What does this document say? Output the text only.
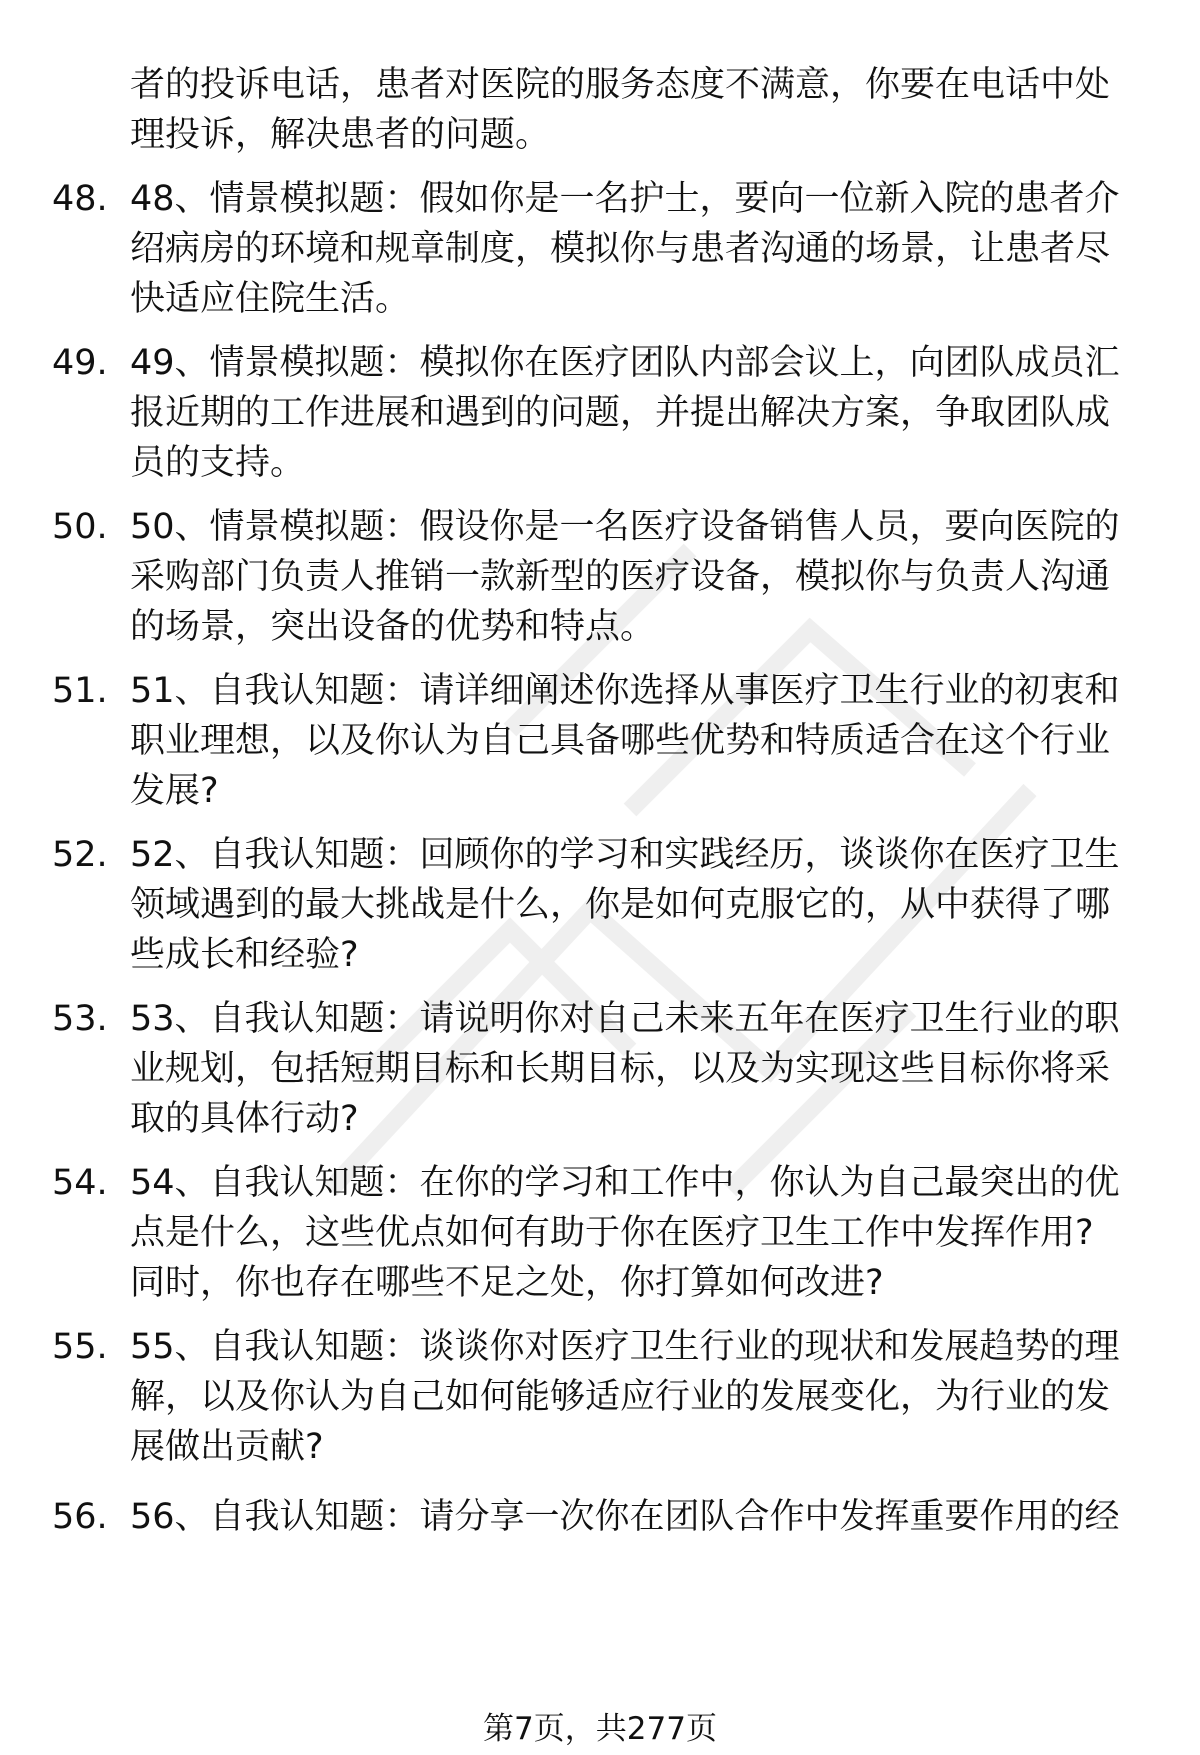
者的投诉电话，患者对医院的服务态度不满意，你要在电话中处
理投诉，解决患者的问题。
48. 48、情景模拟题：假如你是一名护士，要向一位新入院的患者介
绍病房的环境和规章制度，模拟你与患者沟通的场景，让患者尽
快适应住院生活。
49. 49、情景模拟题：模拟你在医疗团队内部会议上，向团队成员汇
报近期的工作进展和遇到的问题，并提出解决方案，争取团队成
员的支持。
50. 50、情景模拟题：假设你是一名医疗设备销售人员，要向医院的
采购部门负责人推销一款新型的医疗设备，模拟你与负责人沟通
的场景，突出设备的优势和特点。
51. 51、自我认知题：请详细阐述你选择从事医疗卫生行业的初衷和
职业理想，以及你认为自己具备哪些优势和特质适合在这个行业
发展?
52. 52、自我认知题：回顾你的学习和实践经历，谈谈你在医疗卫生
领域遇到的最大挑战是什么，你是如何克服它的，从中获得了哪
些成长和经验?
53. 53、自我认知题：请说明你对自己未来五年在医疗卫生行业的职
业规划，包括短期目标和长期目标，以及为实现这些目标你将采
取的具体行动?
54. 54、自我认知题：在你的学习和工作中，你认为自己最突出的优
点是什么，这些优点如何有助于你在医疗卫生工作中发挥作用?
同时，你也存在哪些不足之处，你打算如何改进?
55. 55、自我认知题：谈谈你对医疗卫生行业的现状和发展趋势的理
解，以及你认为自己如何能够适应行业的发展变化，为行业的发
展做出贡献?
56. 56、自我认知题：请分享一次你在团队合作中发挥重要作用的经
第7页，共277页
